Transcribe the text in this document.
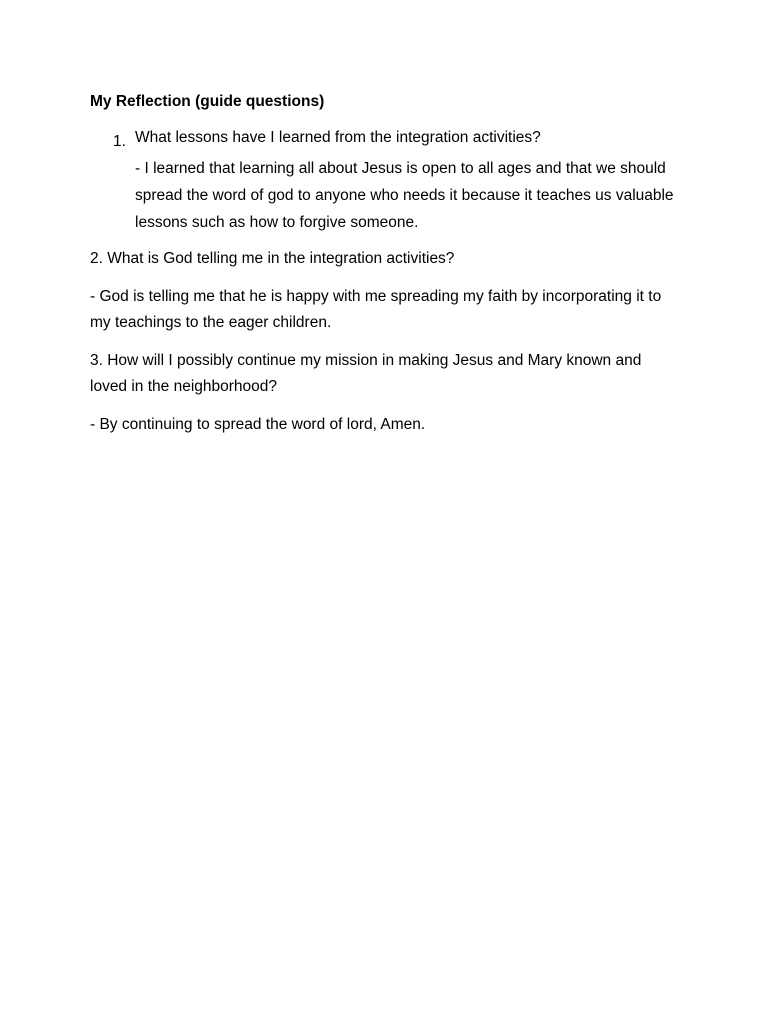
My Reflection (guide questions)

1. What lessons have I learned from the integration activities?

- I learned that learning all about Jesus is open to all ages and that we should spread the word of god to anyone who needs it because it teaches us valuable lessons such as how to forgive someone.

2. What is God telling me in the integration activities?

- God is telling me that he is happy with me spreading my faith by incorporating it to my teachings to the eager children.

3. How will I possibly continue my mission in making Jesus and Mary known and loved in the neighborhood?

- By continuing to spread the word of lord, Amen.
